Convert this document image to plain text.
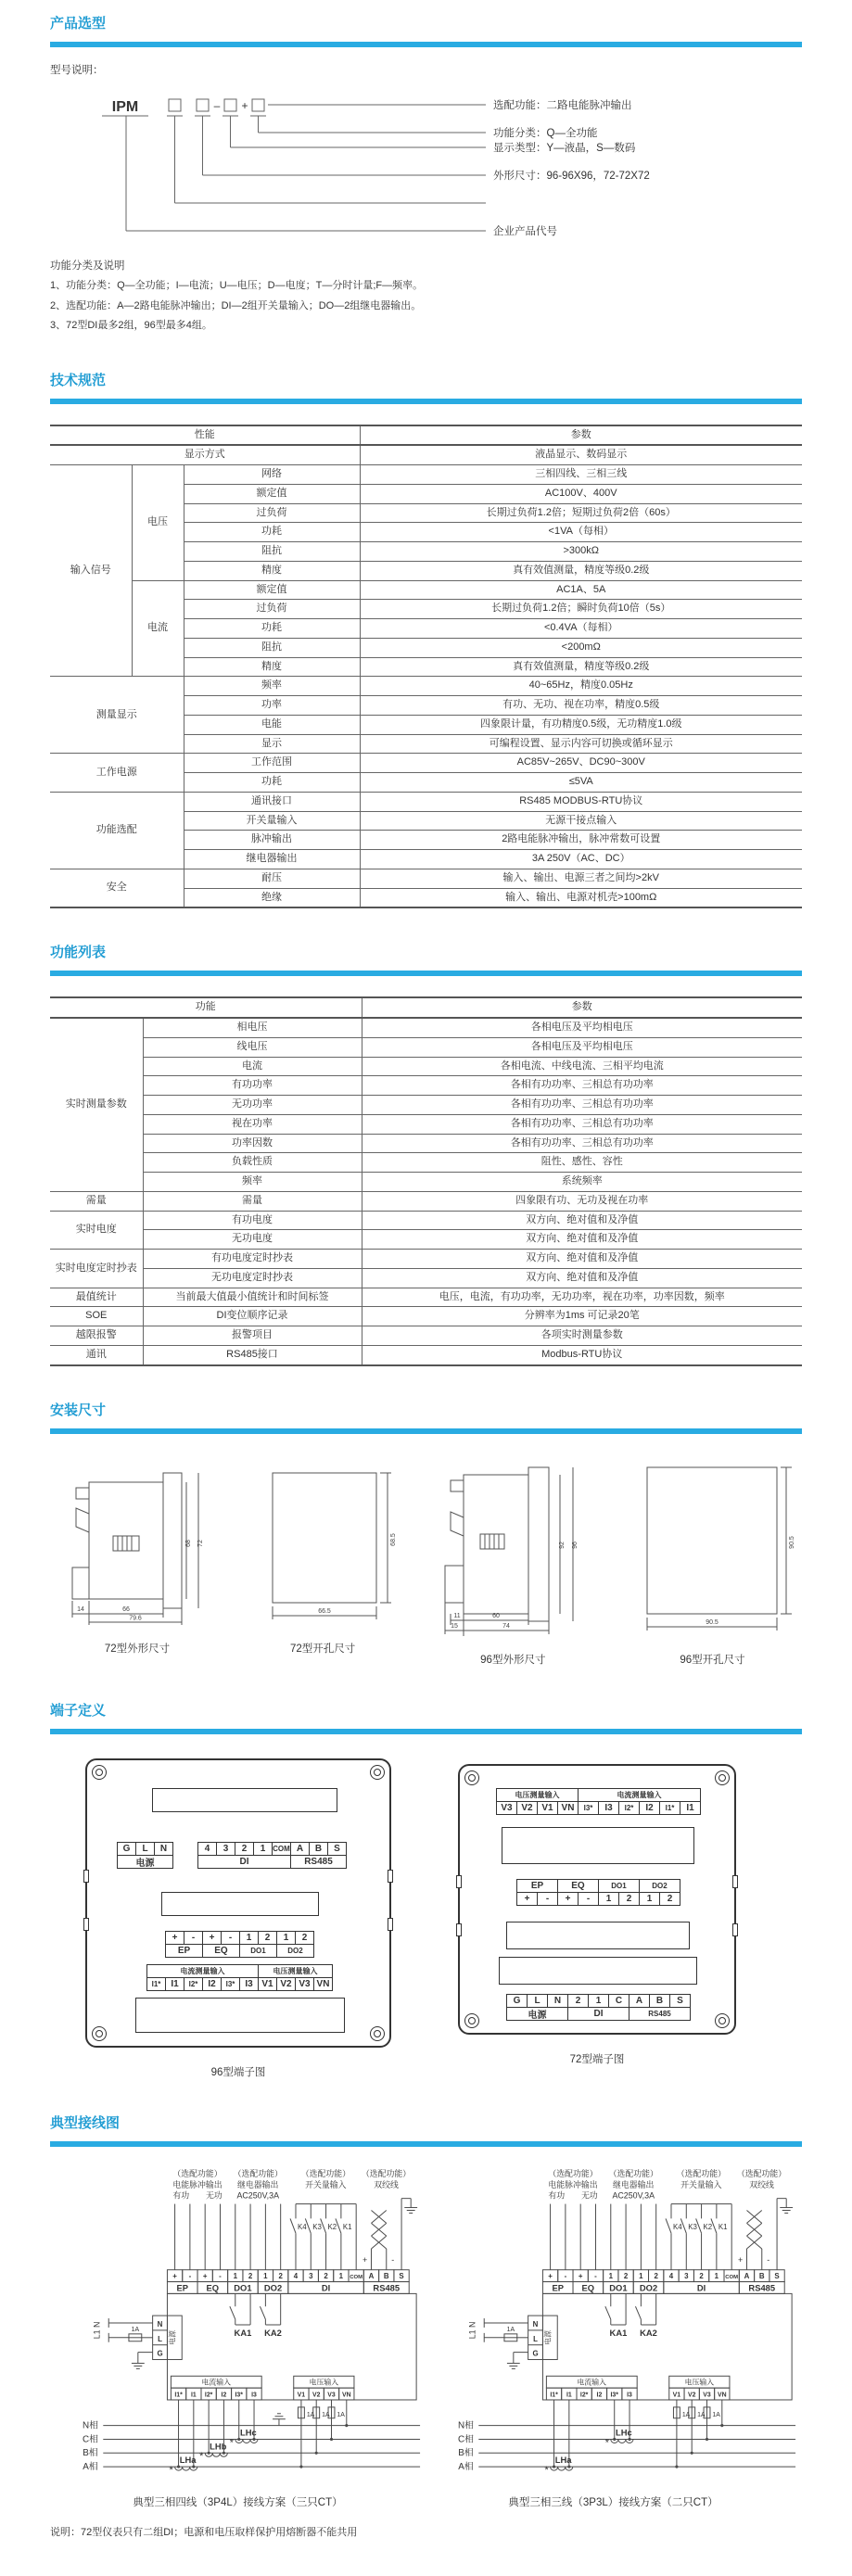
产品选型
型号说明：
IPM	– +	选配功能：二路电能脉冲输出
功能分类：Q—全功能
显示类型：Y—液晶，S—数码
外形尺寸：96-96X96，72-72X72
企业产品代号
功能分类及说明
1、功能分类：Q—全功能；I—电流；U—电压；D—电度；T—分时计量;F—频率。
2、选配功能：A—2路电能脉冲输出；DI—2组开关量输入；DO—2组继电器输出。
3、72型DI最多2组，96型最多4组。
技术规范
性能			参数
显示方式			液晶显示、数码显示
输入信号	电压	网络	三相四线、三相三线
		额定值	AC100V、400V
		过负荷	长期过负荷1.2倍；短期过负荷2倍（60s）
		功耗	<1VA（每相）
		阻抗	>300kΩ
		精度	真有效值测量，精度等级0.2级
	电流	额定值	AC1A、5A
		过负荷	长期过负荷1.2倍；瞬时负荷10倍（5s）
		功耗	<0.4VA（每相）
		阻抗	<200mΩ
		精度	真有效值测量，精度等级0.2级
测量显示		频率	40~65Hz，精度0.05Hz
		功率	有功、无功、视在功率，精度0.5级
		电能	四象限计量，有功精度0.5级，无功精度1.0级
		显示	可编程设置、显示内容可切换或循环显示
工作电源		工作范围	AC85V~265V、DC90~300V
		功耗	≤5VA
功能选配		通讯接口	RS485 MODBUS-RTU协议
		开关量输入	无源干接点输入
		脉冲输出	2路电能脉冲输出，脉冲常数可设置
		继电器输出	3A 250V（AC、DC）
安全		耐压	输入、输出、电源三者之间均>2kV
		绝缘	输入、输出、电源对机壳>100mΩ
功能列表
功能		参数
实时测量参数	相电压	各相电压及平均相电压
	线电压	各相电压及平均相电压
	电流	各相电流、中线电流、三相平均电流
	有功功率	各相有功功率、三相总有功功率
	无功功率	各相有功功率、三相总有功功率
	视在功率	各相有功功率、三相总有功功率
	功率因数	各相有功功率、三相总有功功率
	负载性质	阻性、感性、容性
	频率	系统频率
需量	需量	四象限有功、无功及视在功率
实时电度	有功电度	双方向、绝对值和及净值
	无功电度	双方向、绝对值和及净值
实时电度定时抄表	有功电度定时抄表	双方向、绝对值和及净值
	无功电度定时抄表	双方向、绝对值和及净值
最值统计	当前最大值最小值统计和时间标签	电压，电流，有功功率，无功功率，视在功率，功率因数，频率
SOE	DI变位顺序记录	分辨率为1ms 可记录20笔
越限报警	报警项目	各项实时测量参数
通讯	RS485接口	Modbus-RTU协议
安装尺寸
14	66
79.6
68 72
72型外形尺寸
66.5
68.5
72型开孔尺寸
11	60
15	74
92 96
96型外形尺寸
90.5
90.5
96型开孔尺寸
端子定义
G	L	N
电源
4	3	2	1 COM
DI
A	B	S
RS485
+	-	+	-	1	2	1	2
EP	EQ	DO1	DO2
电流测量输入	电压测量输入
I1*	I1	I2*	I2	I3*	I3 V1 V2 V3 VN
96型端子图
电压测量输入	电流测量输入
V3 V2 V1 VN	I3*	I3	I2*	I2	I1*	I1
EP	EQ	DO1	DO2
+	-	+	-	1	2	1	2
G	L	N	2	1	C	A	B	S
电源	DI	RS485
72型端子图
典型接线图
（选配功能）
电能脉冲输出
有功 无功
（选配功能）
继电器输出
AC250V,3A
（选配功能）
开关量输入
（选配功能）
双绞线
K4 K3 K2 K1
+	-
+ - + - 1 2 1 2 4 3 2 1 COM A B S
EP EQ DO1 DO2	DI	RS485
KA1 KA2
N
L
G
电源
1A
L1 N
电流输入
I1* I1 I2* I2 I3* I3
电压输入
V1 V2 V3 VN
N相
C相
B相
A相
1A 1A 1A
*
LHa *
LHb *
LHc
典型三相四线（3P4L）接线方案（三只CT）
（选配功能）
电能脉冲输出
有功 无功
（选配功能）
继电器输出
AC250V,3A
（选配功能）
开关量输入
（选配功能）
双绞线
K4 K3 K2 K1
+	-
+ - + - 1 2 1 2 4 3 2 1 COM A B S
EP EQ DO1 DO2	DI	RS485
KA1 KA2
N
L
G
电源
1A
L1 N
电流输入
I1* I1 I2* I2 I3* I3
电压输入
V1 V2 V3 VN
N相
C相
B相
A相
1A 1A 1A
*
LHa
*
LHc
典型三相三线（3P3L）接线方案（二只CT）
说明：72型仪表只有二组DI；电源和电压取样保护用熔断器不能共用
